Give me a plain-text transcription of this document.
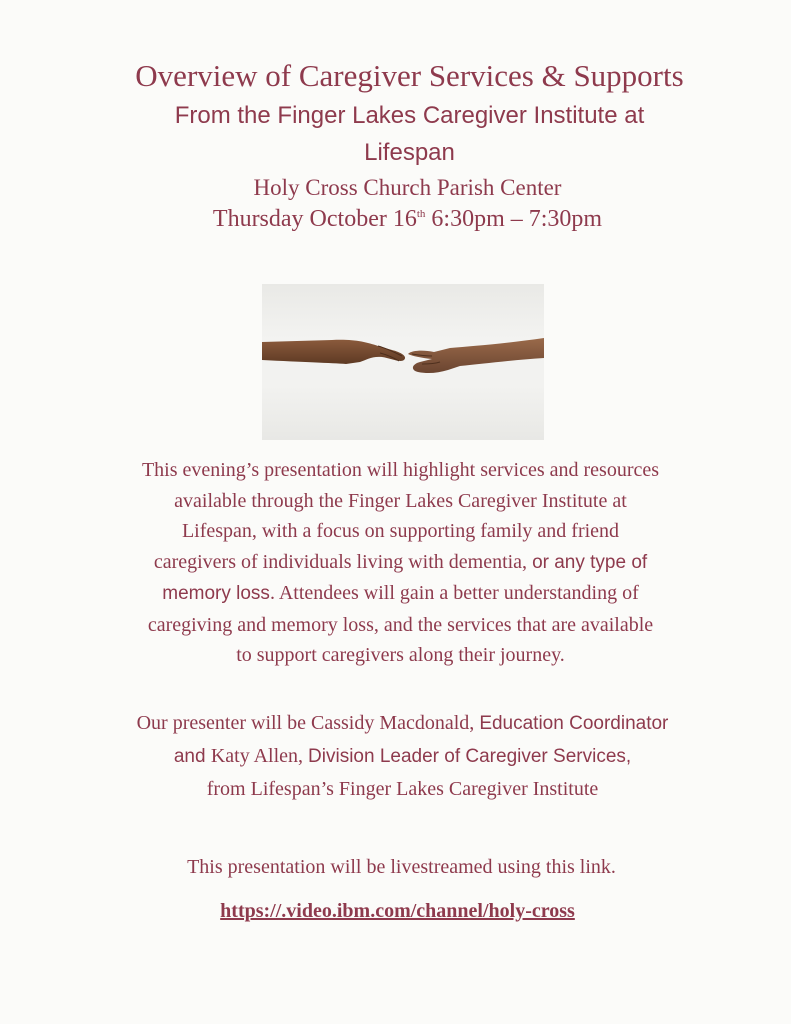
Overview of Caregiver Services & Supports
From the Finger Lakes Caregiver Institute at
Lifespan
Holy Cross Church Parish Center
Thursday October 16th 6:30pm – 7:30pm
This evening’s presentation will highlight services and resources
available through the Finger Lakes Caregiver Institute at
Lifespan, with a focus on supporting family and friend
caregivers of individuals living with dementia, or any type of
memory loss. Attendees will gain a better understanding of
caregiving and memory loss, and the services that are available
to support caregivers along their journey.
Our presenter will be Cassidy Macdonald, Education Coordinator
and Katy Allen, Division Leader of Caregiver Services,
from Lifespan’s Finger Lakes Caregiver Institute
This presentation will be livestreamed using this link.
https://.video.ibm.com/channel/holy-cross
